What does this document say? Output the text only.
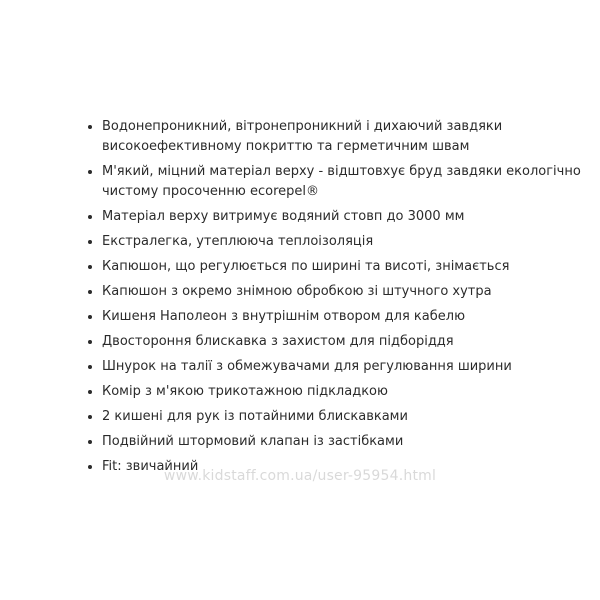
Водонепроникний, вітронепроникний і дихаючий завдяки високоефективному покриттю та герметичним швам
М'який, міцний матеріал верху - відштовхує бруд завдяки екологічно чистому просоченню ecorepel®
Матеріал верху витримує водяний стовп до 3000 мм
Екстралегка, утеплююча теплоізоляція
Капюшон, що регулюється по ширині та висоті, знімається
Капюшон з окремо знімною обробкою зі штучного хутра
Кишеня Наполеон з внутрішнім отвором для кабелю
Двостороння блискавка з захистом для підборіддя
Шнурок на талії з обмежувачами для регулювання ширини
Комір з м'якою трикотажною підкладкою
2 кишені для рук із потайними блискавками
Подвійний штормовий клапан із застібками
Fit: звичайний
www.kidstaff.com.ua/user-95954.html
